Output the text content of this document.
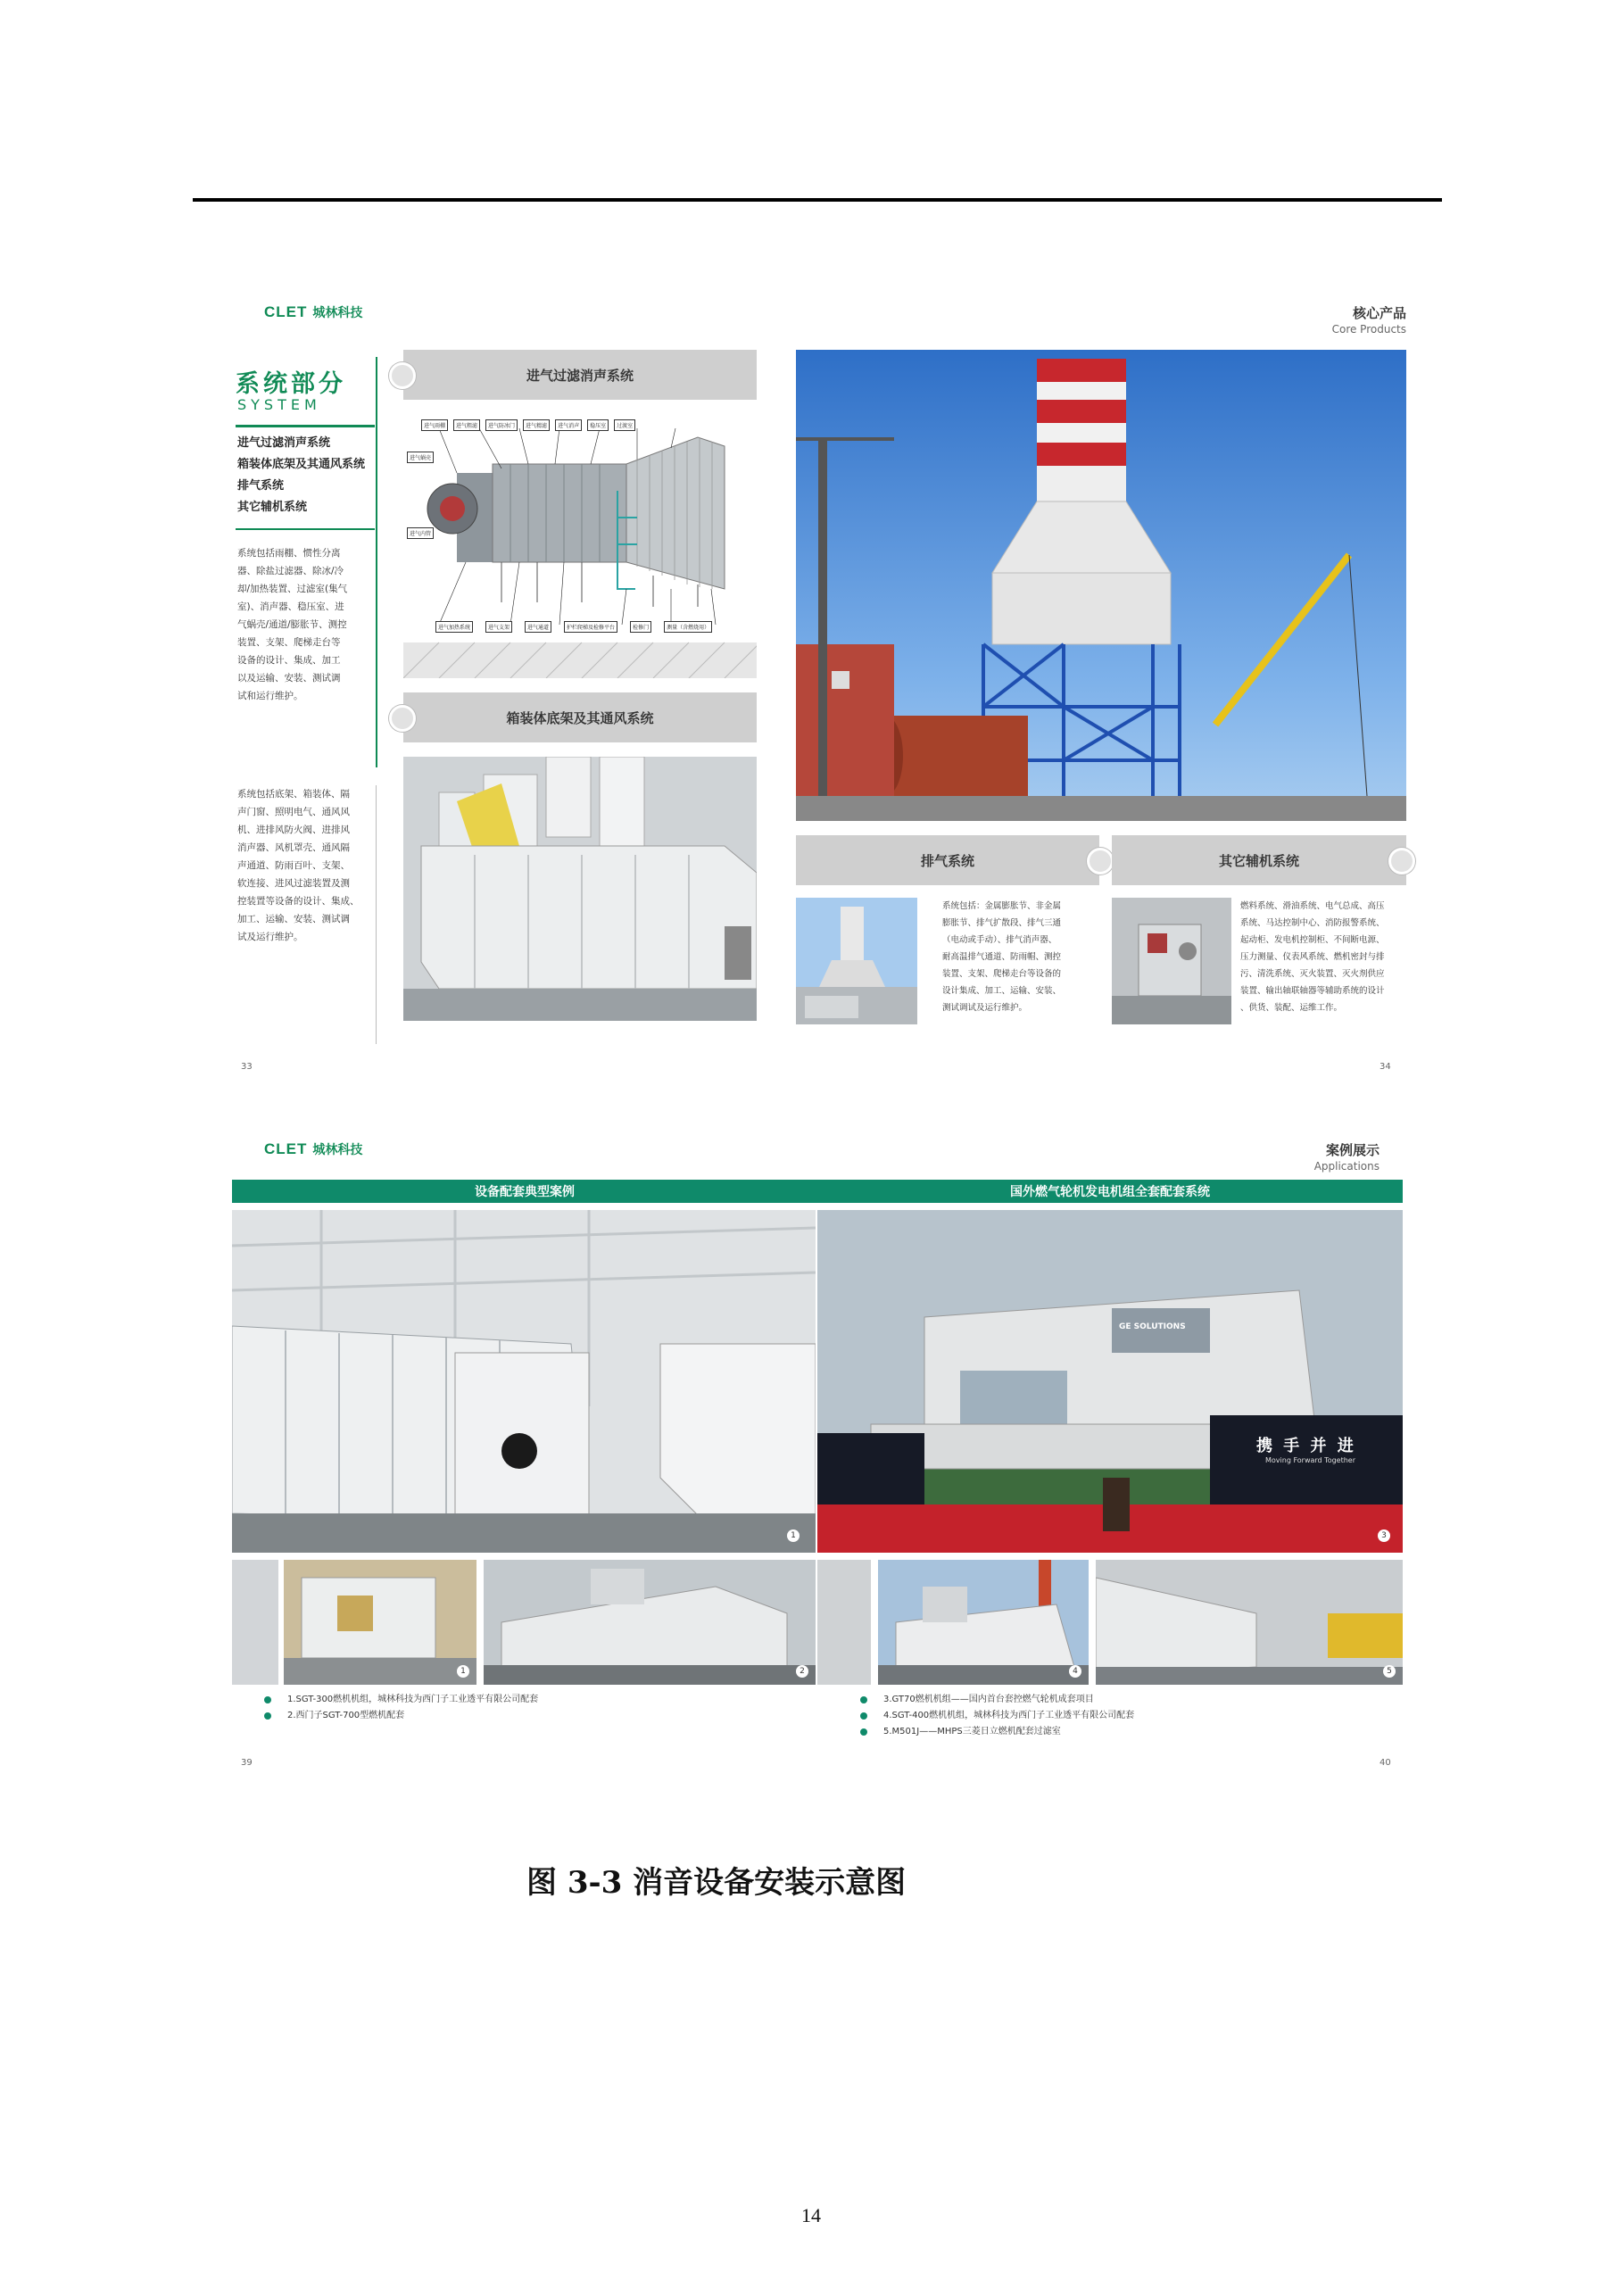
CLET 城林科技	核心产品
Core Products
系统部分
SYSTEM
进气过滤消声系统
箱装体底架及其通风系统
排气系统
其它辅机系统
系统包括雨棚、惯性分离
器、除盐过滤器、除冰/冷
却/加热装置、过滤室(集气
室)、消声器、稳压室、进
气蜗壳/通道/膨胀节、测控
装置、支架、爬梯走台等
设备的设计、集成、加工
以及运输、安装、测试调
试和运行维护。
系统包括底架、箱装体、隔
声门窗、照明电气、通风风
机、进排风防火阀、进排风
消声器、风机罩壳、通风隔
声通道、防雨百叶、支架、
软连接、进风过滤装置及测
控装置等设备的设计、集成、
加工、运输、安装、测试调
试及运行维护。
进气过滤消声系统
进气雨棚	进气粗滤	进气防冰门	进气精滤	进气消声	稳压室	过渡室
进气蜗壳
进气内管
进气加热系统	进气支架	进气通道	护栏爬梯及检修平台	检修门	测量（含燃烧用）
箱装体底架及其通风系统
33
排气系统	其它辅机系统
系统包括：金属膨胀节、非金属
膨胀节、排气扩散段、排气三通
（电动或手动）、排气消声器、
耐高温排气通道、防雨帽、测控
装置、支架、爬梯走台等设备的
设计集成、加工、运输、安装、
测试调试及运行维护。
燃料系统、滑油系统、电气总成、高压
系统、马达控制中心、消防报警系统、
起动柜、发电机控制柜、不间断电源、
压力测量、仪表风系统、燃机密封与排
污、清洗系统、灭火装置、灭火剂供应
装置、输出轴联轴器等辅助系统的设计
、供货、装配、运维工作。
34
CLET 城林科技	案例展示
Applications
设备配套典型案例	国外燃气轮机发电机组全套配套系统
1
携 手 并 进
Moving Forward Together
GE SOLUTIONS
3
1	2	4	5
1.SGT-300燃机机组，城林科技为西门子工业透平有限公司配套
2.西门子SGT-700型燃机配套
3.GT70燃机机组——国内首台套控燃气轮机成套项目
4.SGT-400燃机机组，城林科技为西门子工业透平有限公司配套
5.M501J——MHPS三菱日立燃机配套过滤室
39	40
图 3-3 消音设备安装示意图
14
